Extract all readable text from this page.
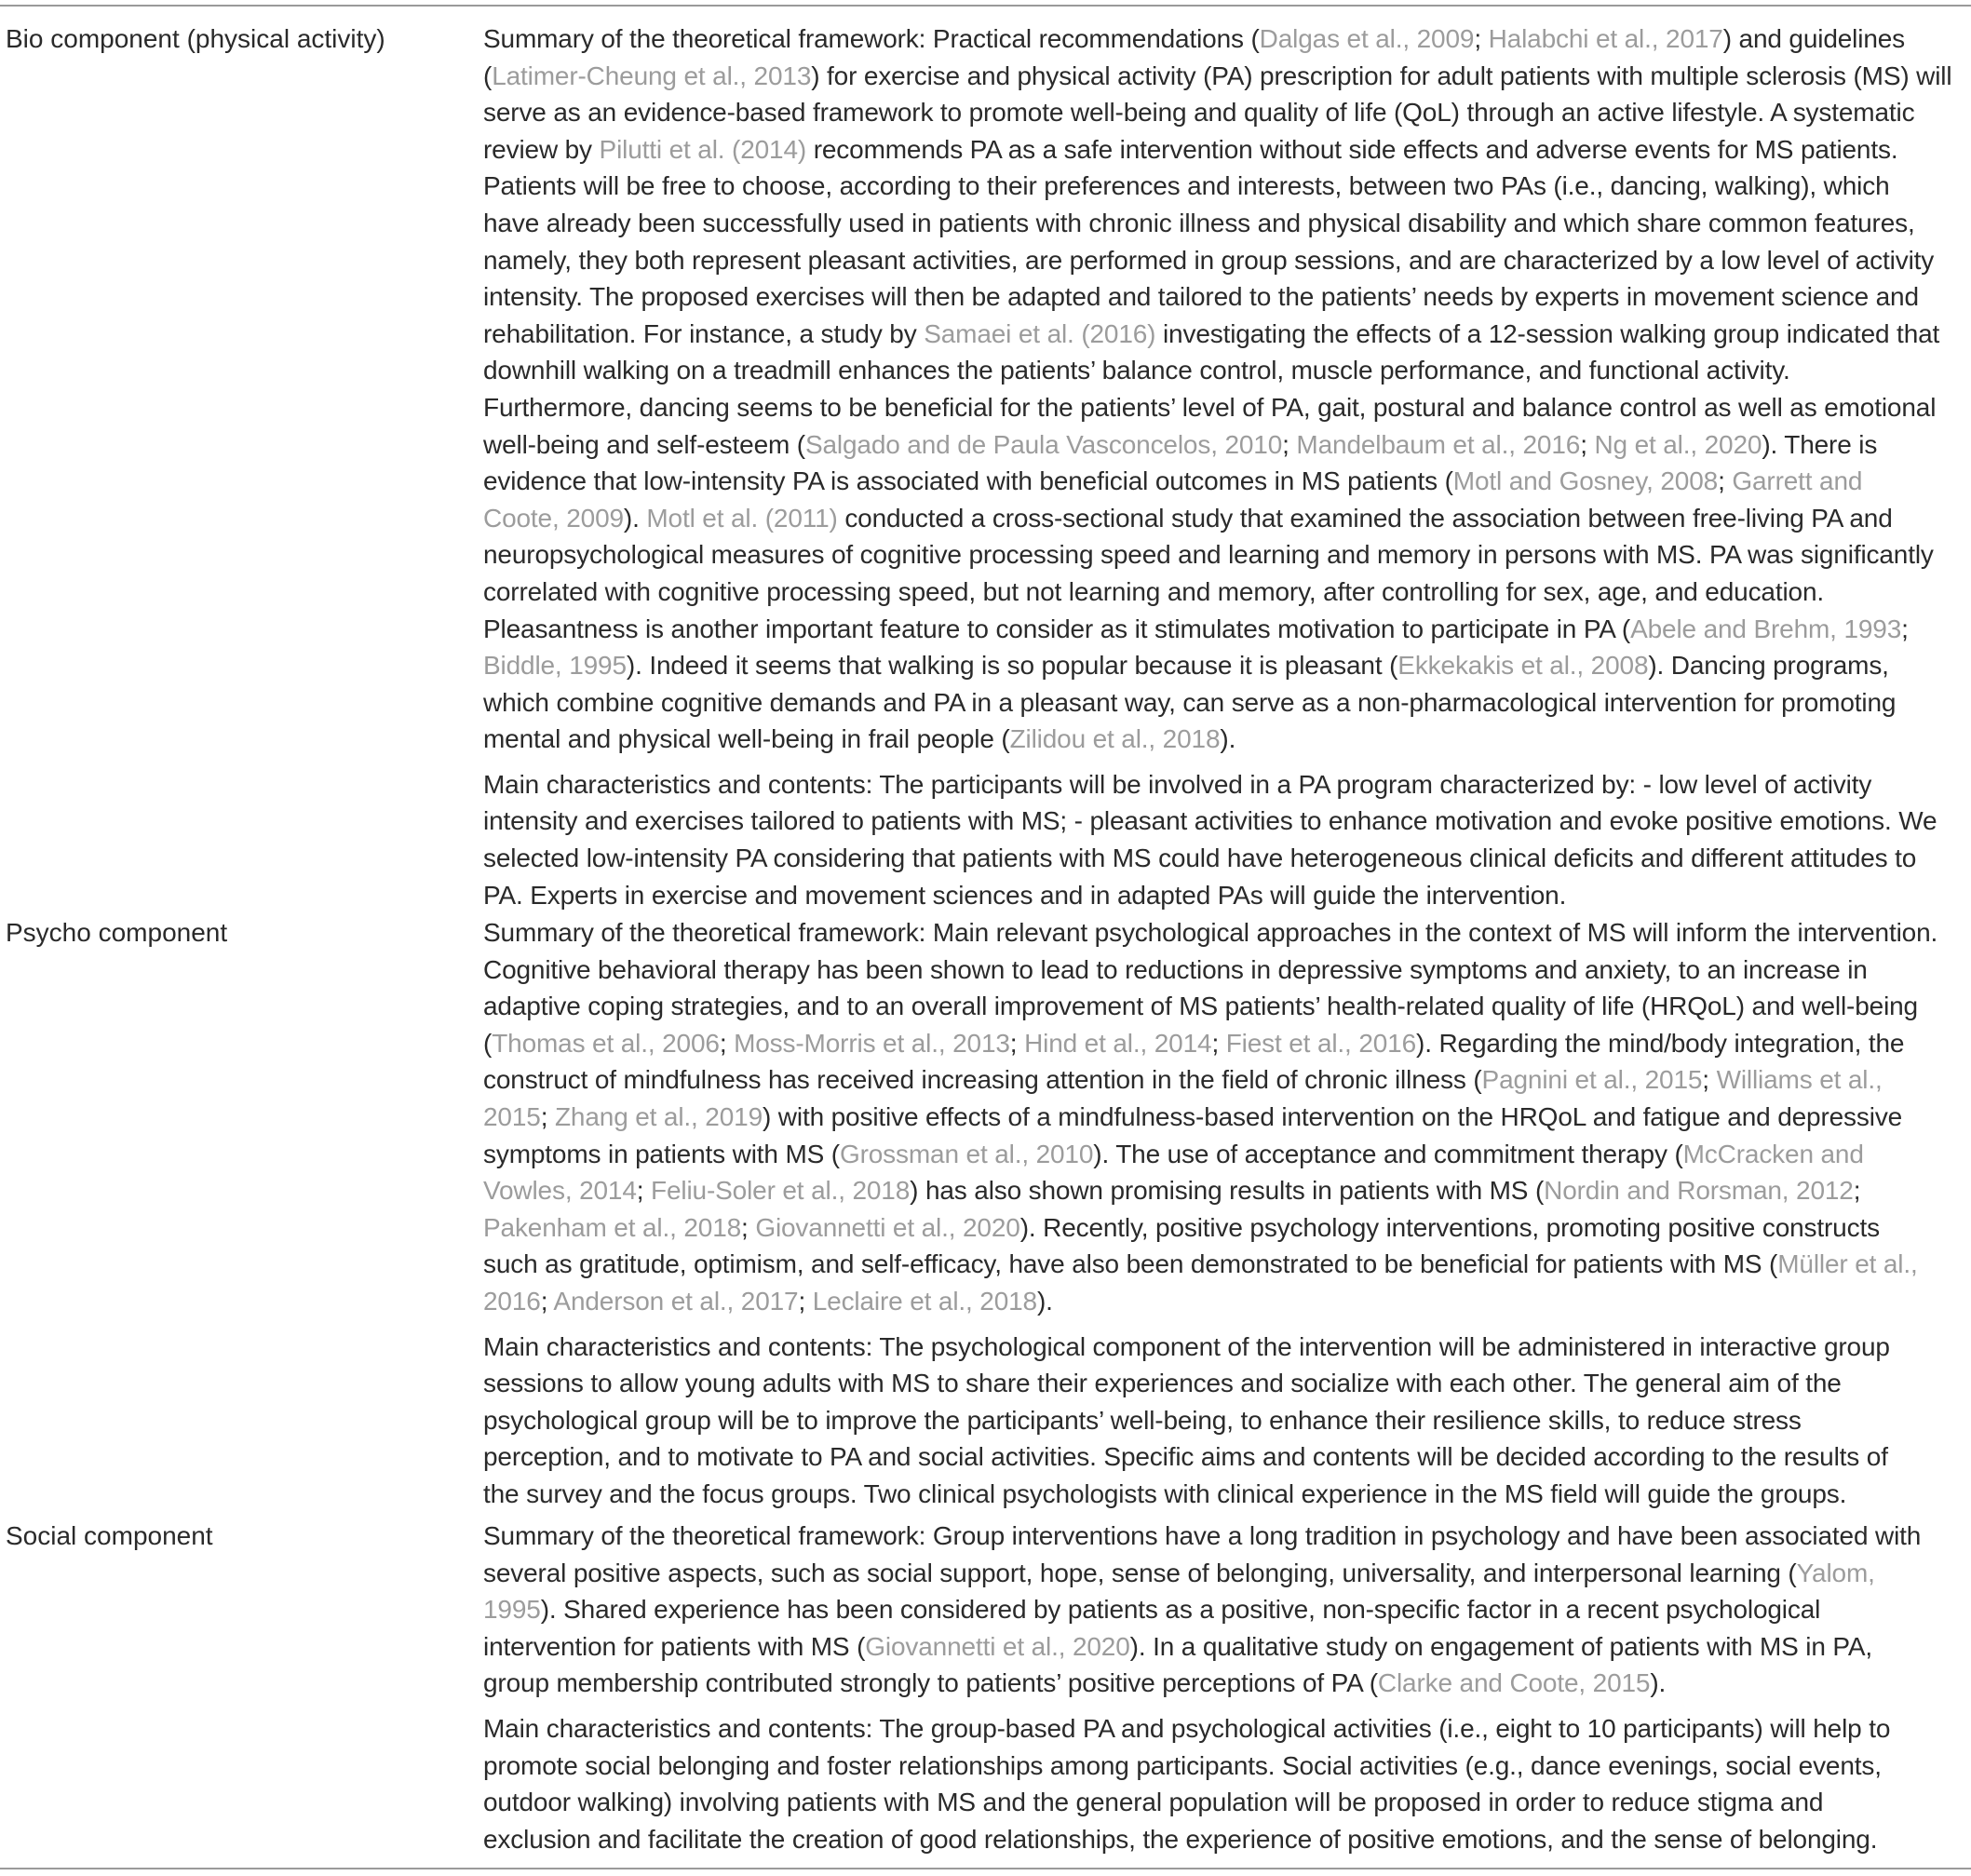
Bio component (physical activity)	Summary of the theoretical framework: Practical recommendations (Dalgas et al., 2009; Halabchi et al., 2017) and guidelines
(Latimer-Cheung et al., 2013) for exercise and physical activity (PA) prescription for adult patients with multiple sclerosis (MS) will
serve as an evidence-based framework to promote well-being and quality of life (QoL) through an active lifestyle. A systematic
review by Pilutti et al. (2014) recommends PA as a safe intervention without side effects and adverse events for MS patients.
Patients will be free to choose, according to their preferences and interests, between two PAs (i.e., dancing, walking), which
have already been successfully used in patients with chronic illness and physical disability and which share common features,
namely, they both represent pleasant activities, are performed in group sessions, and are characterized by a low level of activity
intensity. The proposed exercises will then be adapted and tailored to the patients’ needs by experts in movement science and
rehabilitation. For instance, a study by Samaei et al. (2016) investigating the effects of a 12-session walking group indicated that
downhill walking on a treadmill enhances the patients’ balance control, muscle performance, and functional activity.
Furthermore, dancing seems to be beneficial for the patients’ level of PA, gait, postural and balance control as well as emotional
well-being and self-esteem (Salgado and de Paula Vasconcelos, 2010; Mandelbaum et al., 2016; Ng et al., 2020). There is
evidence that low-intensity PA is associated with beneficial outcomes in MS patients (Motl and Gosney, 2008; Garrett and
Coote, 2009). Motl et al. (2011) conducted a cross-sectional study that examined the association between free-living PA and
neuropsychological measures of cognitive processing speed and learning and memory in persons with MS. PA was significantly
correlated with cognitive processing speed, but not learning and memory, after controlling for sex, age, and education.
Pleasantness is another important feature to consider as it stimulates motivation to participate in PA (Abele and Brehm, 1993;
Biddle, 1995). Indeed it seems that walking is so popular because it is pleasant (Ekkekakis et al., 2008). Dancing programs,
which combine cognitive demands and PA in a pleasant way, can serve as a non-pharmacological intervention for promoting
mental and physical well-being in frail people (Zilidou et al., 2018).

Main characteristics and contents: The participants will be involved in a PA program characterized by: - low level of activity
intensity and exercises tailored to patients with MS; - pleasant activities to enhance motivation and evoke positive emotions. We
selected low-intensity PA considering that patients with MS could have heterogeneous clinical deficits and different attitudes to
PA. Experts in exercise and movement sciences and in adapted PAs will guide the intervention.

Psycho component	Summary of the theoretical framework: Main relevant psychological approaches in the context of MS will inform the intervention.
Cognitive behavioral therapy has been shown to lead to reductions in depressive symptoms and anxiety, to an increase in
adaptive coping strategies, and to an overall improvement of MS patients’ health-related quality of life (HRQoL) and well-being
(Thomas et al., 2006; Moss-Morris et al., 2013; Hind et al., 2014; Fiest et al., 2016). Regarding the mind/body integration, the
construct of mindfulness has received increasing attention in the field of chronic illness (Pagnini et al., 2015; Williams et al.,
2015; Zhang et al., 2019) with positive effects of a mindfulness-based intervention on the HRQoL and fatigue and depressive
symptoms in patients with MS (Grossman et al., 2010). The use of acceptance and commitment therapy (McCracken and
Vowles, 2014; Feliu-Soler et al., 2018) has also shown promising results in patients with MS (Nordin and Rorsman, 2012;
Pakenham et al., 2018; Giovannetti et al., 2020). Recently, positive psychology interventions, promoting positive constructs
such as gratitude, optimism, and self-efficacy, have also been demonstrated to be beneficial for patients with MS (Müller et al.,
2016; Anderson et al., 2017; Leclaire et al., 2018).

Main characteristics and contents: The psychological component of the intervention will be administered in interactive group
sessions to allow young adults with MS to share their experiences and socialize with each other. The general aim of the
psychological group will be to improve the participants’ well-being, to enhance their resilience skills, to reduce stress
perception, and to motivate to PA and social activities. Specific aims and contents will be decided according to the results of
the survey and the focus groups. Two clinical psychologists with clinical experience in the MS field will guide the groups.

Social component	Summary of the theoretical framework: Group interventions have a long tradition in psychology and have been associated with
several positive aspects, such as social support, hope, sense of belonging, universality, and interpersonal learning (Yalom,
1995). Shared experience has been considered by patients as a positive, non-specific factor in a recent psychological
intervention for patients with MS (Giovannetti et al., 2020). In a qualitative study on engagement of patients with MS in PA,
group membership contributed strongly to patients’ positive perceptions of PA (Clarke and Coote, 2015).

Main characteristics and contents: The group-based PA and psychological activities (i.e., eight to 10 participants) will help to
promote social belonging and foster relationships among participants. Social activities (e.g., dance evenings, social events,
outdoor walking) involving patients with MS and the general population will be proposed in order to reduce stigma and
exclusion and facilitate the creation of good relationships, the experience of positive emotions, and the sense of belonging.
